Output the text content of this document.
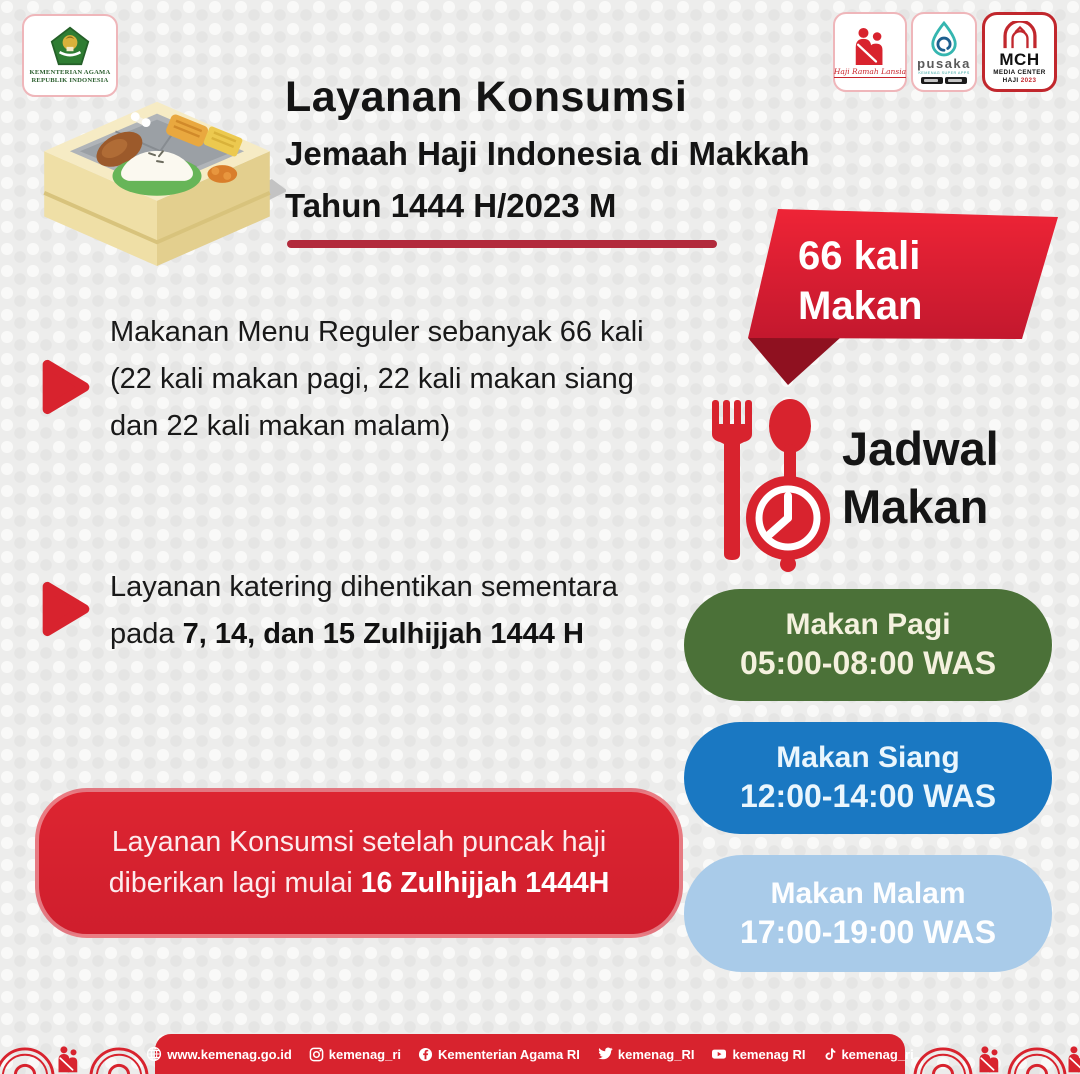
KEMENTERIAN AGAMA
REPUBLIK INDONESIA
Haji Ramah Lansia
pusaka
KEMENAG SUPER APPS
MCH
MEDIA CENTER
HAJI 2023
Layanan Konsumsi
Jemaah Haji Indonesia di Makkah
Tahun 1444 H/2023 M
66 kali
Makan
Makanan Menu Reguler sebanyak 66 kali (22 kali makan pagi, 22 kali makan siang dan 22 kali makan malam)
Layanan katering dihentikan sementara pada 7, 14, dan 15 Zulhijjah 1444 H
Layanan Konsumsi setelah puncak haji
diberikan lagi mulai 16 Zulhijjah 1444H
Jadwal
Makan
Makan Pagi
05:00-08:00 WAS
Makan Siang
12:00-14:00 WAS
Makan Malam
17:00-19:00 WAS
www.kemenag.go.id	kemenag_ri	Kementerian Agama RI	kemenag_RI	kemenag RI	kemenag_ri
